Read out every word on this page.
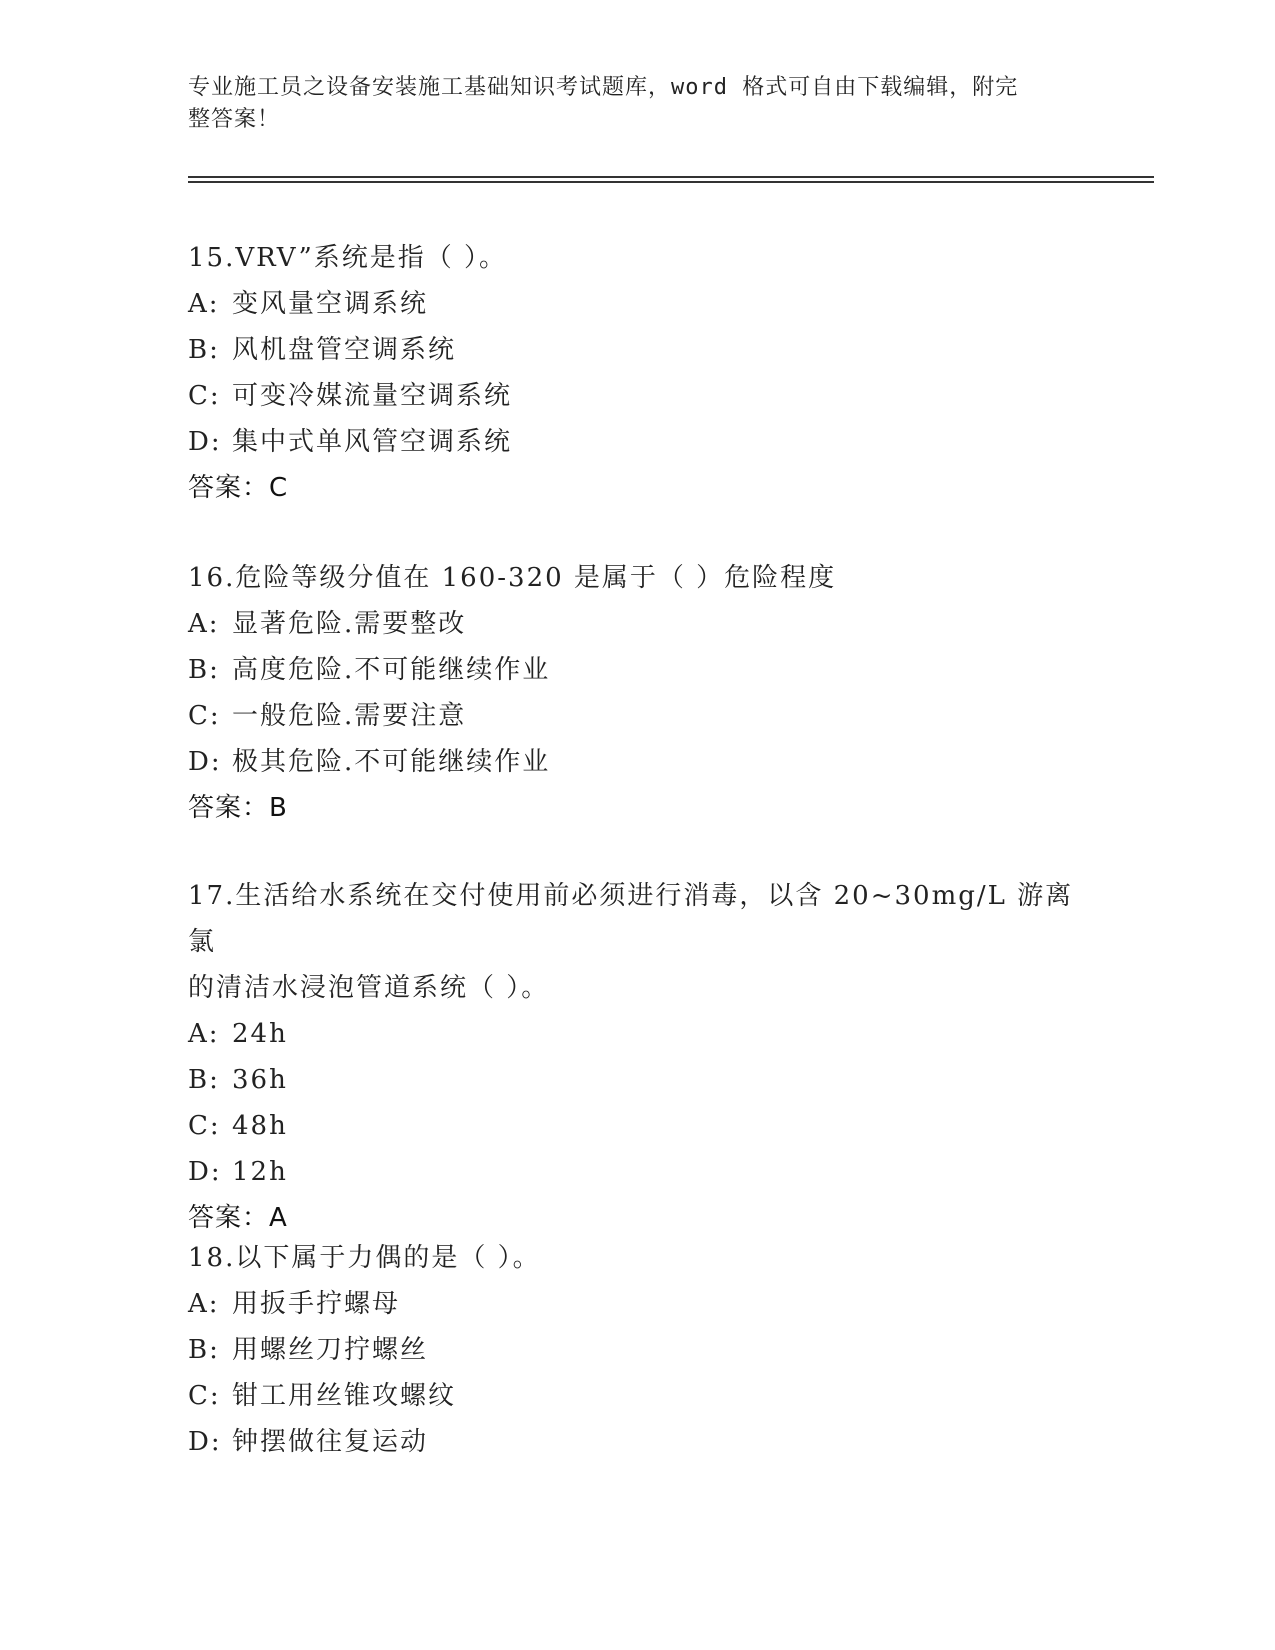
专业施工员之设备安装施工基础知识考试题库，word 格式可自由下载编辑，附完
整答案！

15.VRV”系统是指（ ）。

A: 变风量空调系统

B: 风机盘管空调系统

C: 可变冷媒流量空调系统

D: 集中式单风管空调系统

答案：C

16.危险等级分值在 160-320 是属于（ ）危险程度

A: 显著危险.需要整改

B: 高度危险.不可能继续作业

C: 一般危险.需要注意

D: 极其危险.不可能继续作业

答案：B

17.生活给水系统在交付使用前必须进行消毒，以含 20~30mg/L 游离氯

的清洁水浸泡管道系统（ ）。

A: 24h

B: 36h

C: 48h

D: 12h

答案：A

18.以下属于力偶的是（ ）。

A: 用扳手拧螺母

B: 用螺丝刀拧螺丝

C: 钳工用丝锥攻螺纹

D: 钟摆做往复运动
